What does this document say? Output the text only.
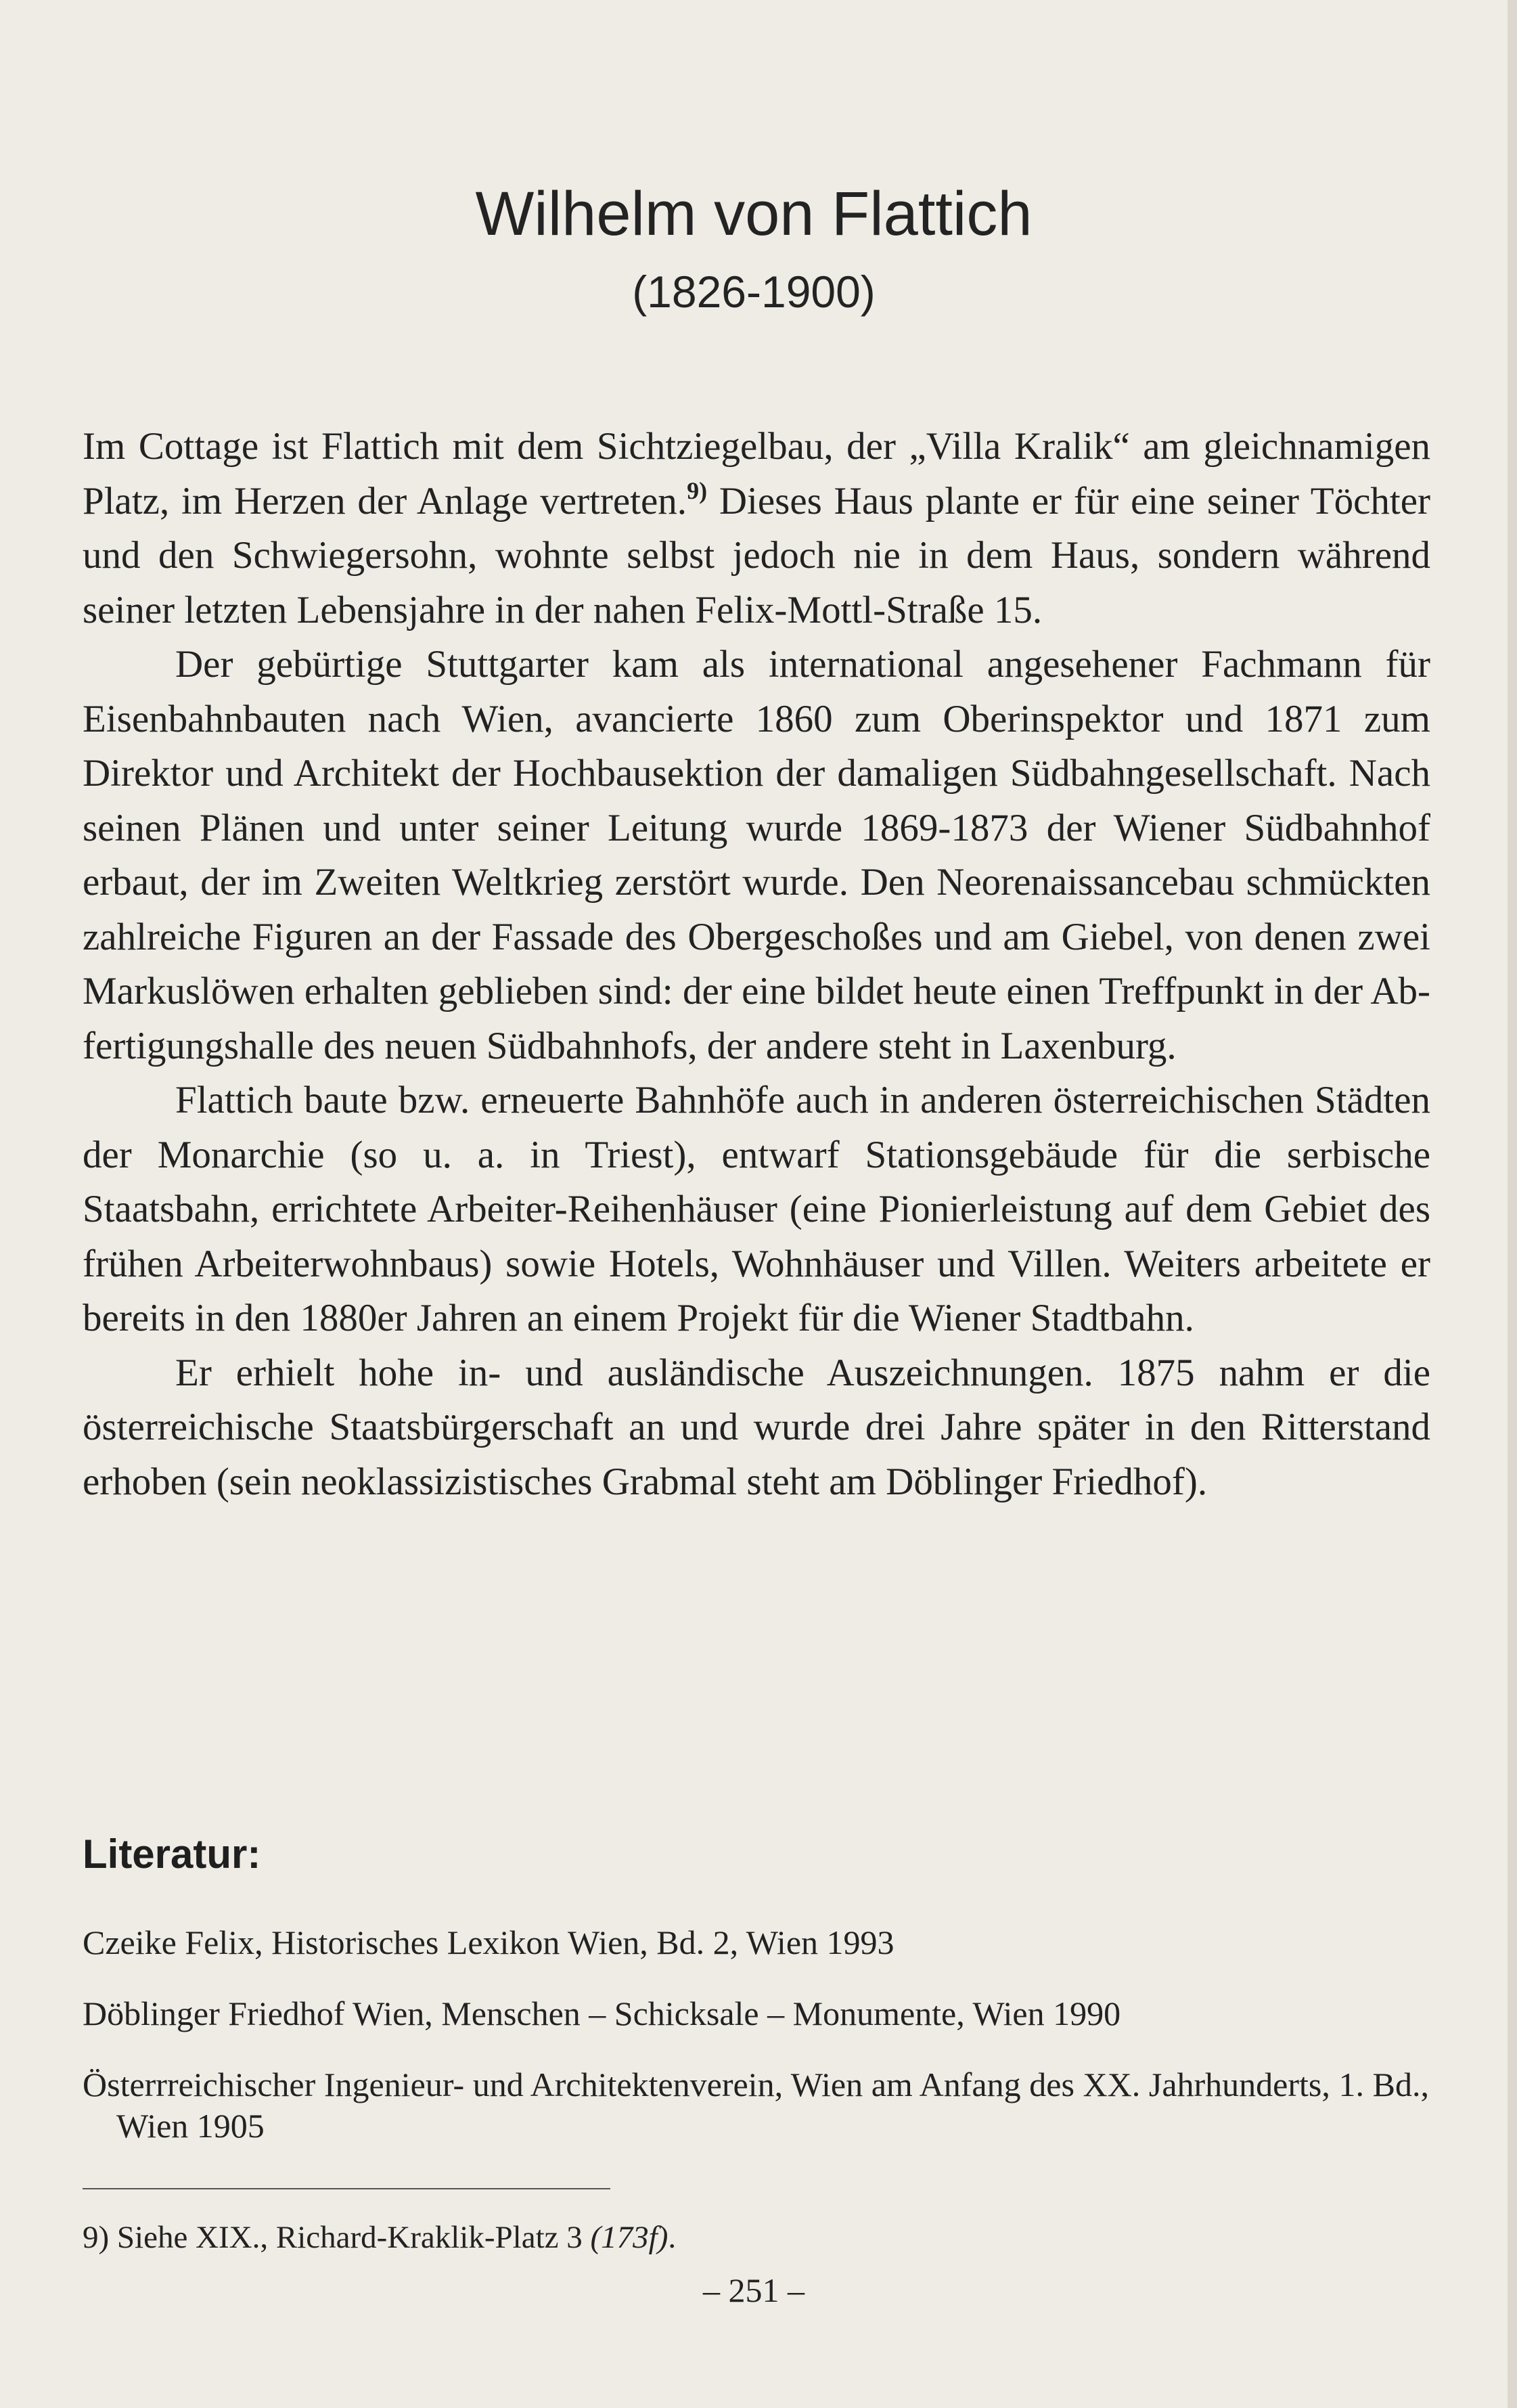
Wilhelm von Flattich
(1826-1900)

Im Cottage ist Flattich mit dem Sichtziegelbau, der „Villa Kralik“ am gleichnamigen Platz, im Herzen der Anlage vertreten.$^{9)}$ Dieses Haus plante er für eine seiner Töchter und den Schwiegersohn, wohnte selbst jedoch nie in dem Haus, sondern während seiner letzten Lebensjahre in der nahen Felix-Mottl-Straße 15.

Der gebürtige Stuttgarter kam als international angesehener Fachmann für Eisenbahnbauten nach Wien, avancierte 1860 zum Oberinspektor und 1871 zum Direktor und Architekt der Hochbausektion der damaligen Südbahngesellschaft. Nach seinen Plänen und unter seiner Leitung wurde 1869-1873 der Wiener Südbahnhof erbaut, der im Zweiten Weltkrieg zerstört wurde. Den Neorenaissancebau schmückten zahlreiche Figuren an der Fassade des Obergeschoßes und am Giebel, von denen zwei Markuslöwen erhalten geblieben sind: der eine bildet heute einen Treffpunkt in der Abfertigungshalle des neuen Südbahnhofs, der andere steht in Laxenburg.

Flattich baute bzw. erneuerte Bahnhöfe auch in anderen österreichischen Städten der Monarchie (so u. a. in Triest), entwarf Stationsgebäude für die serbische Staatsbahn, errichtete Arbeiter-Reihenhäuser (eine Pionierleistung auf dem Gebiet des frühen Arbeiterwohnbaus) sowie Hotels, Wohnhäuser und Villen. Weiters arbeitete er bereits in den 1880er Jahren an einem Projekt für die Wiener Stadtbahn.

Er erhielt hohe in- und ausländische Auszeichnungen. 1875 nahm er die österreichische Staatsbürgerschaft an und wurde drei Jahre später in den Ritterstand erhoben (sein neoklassizistisches Grabmal steht am Döblinger Friedhof).

Literatur:
Czeike Felix, Historisches Lexikon Wien, Bd. 2, Wien 1993
Döblinger Friedhof Wien, Menschen – Schicksale – Monumente, Wien 1990
Österrreichischer Ingenieur- und Architektenverein, Wien am Anfang des XX. Jahrhunderts, 1. Bd., Wien 1905
9) Siehe XIX., Richard-Kraklik-Platz 3 (173f).
– 251 –
